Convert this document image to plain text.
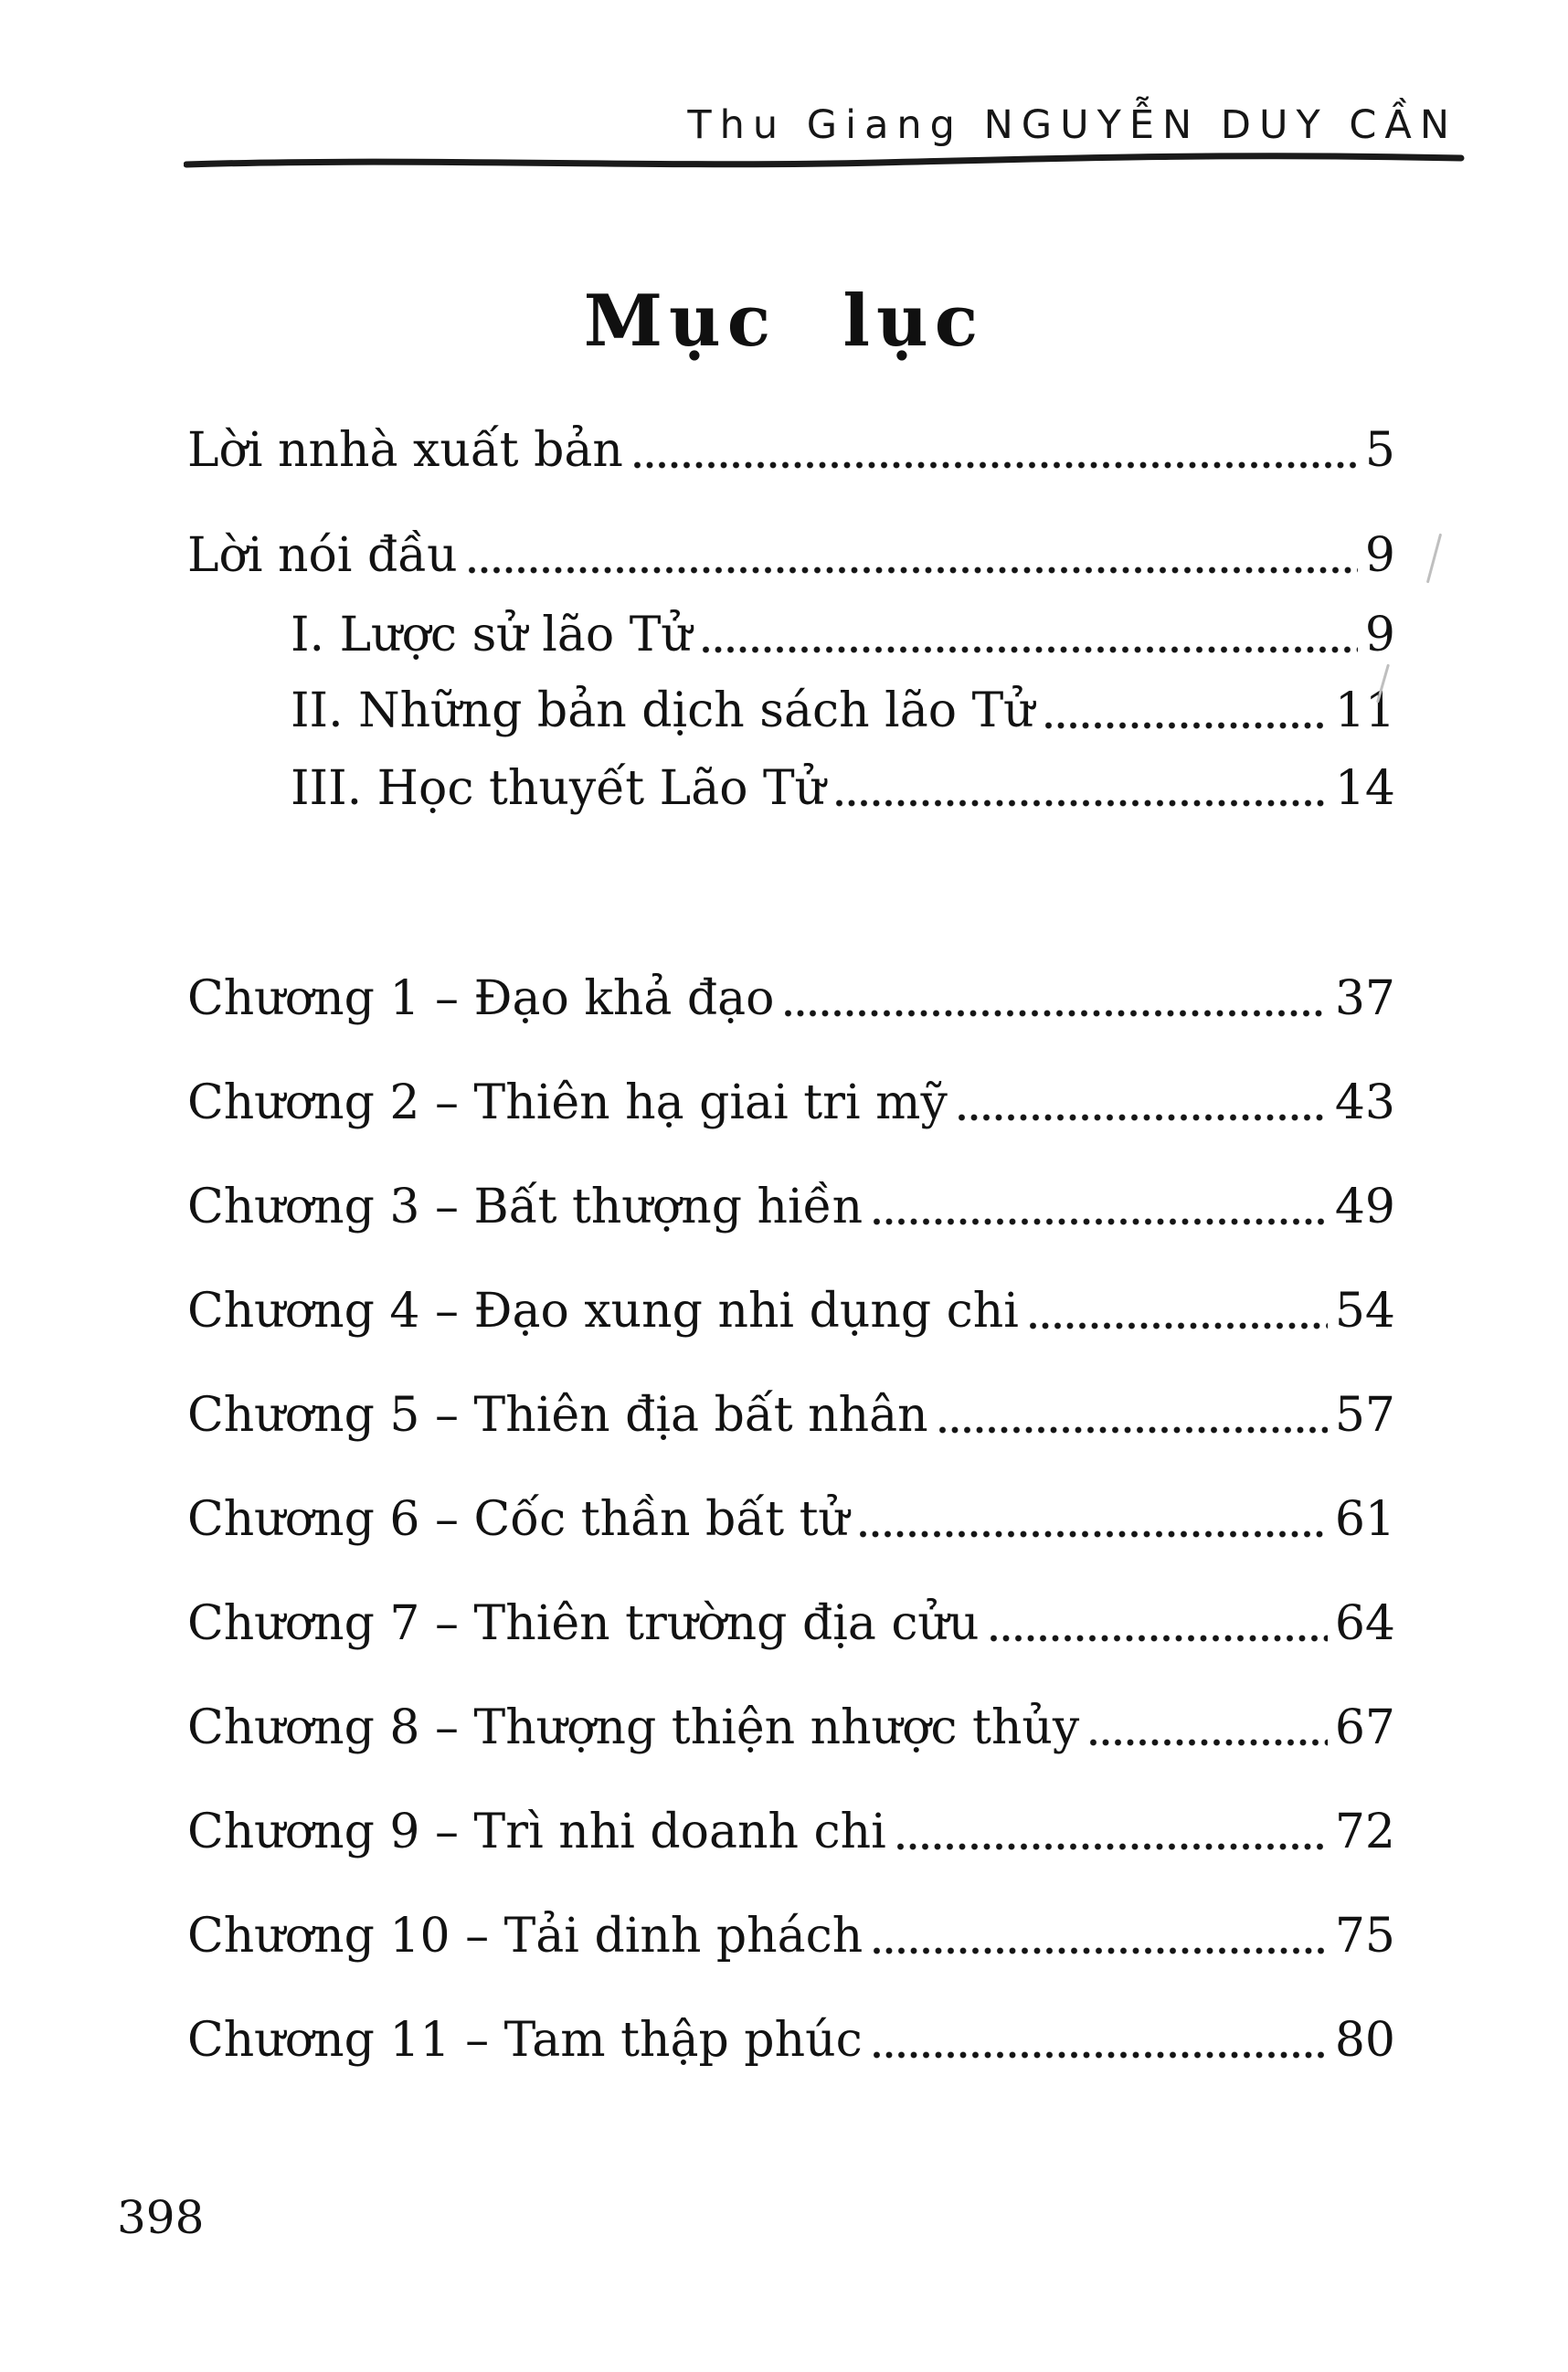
Thu Giang NGUYỄN DUY CẦN
Mục lục
Lời nnhà xuất bản	5
Lời nói đầu	9
I. Lược sử lão Tử	9
II. Những bản dịch sách lão Tử	11
III. Học thuyết Lão Tử	14
Chương 1 – Đạo khả đạo	37
Chương 2 – Thiên hạ giai tri mỹ	43
Chương 3 – Bất thượng hiền	49
Chương 4 – Đạo xung nhi dụng chi	54
Chương 5 – Thiên địa bất nhân	57
Chương 6 – Cốc thần bất tử	61
Chương 7 – Thiên trường địa cửu	64
Chương 8 – Thượng thiện nhược thủy	67
Chương 9 – Trì nhi doanh chi	72
Chương 10 – Tải dinh phách	75
Chương 11 – Tam thập phúc	80
398
